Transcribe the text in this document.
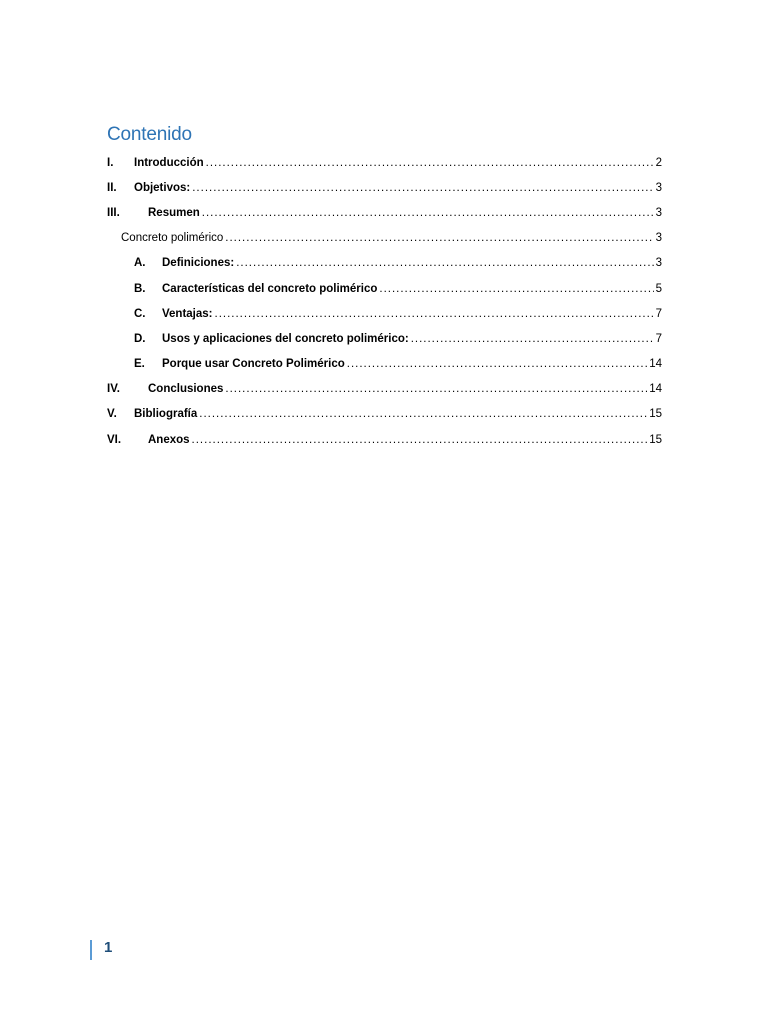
Contenido
I.	Introducción .....	2
II.	Objetivos: .....	3
III.	Resumen .....	3
Concreto polimérico .....	3
A.	Definiciones: .....	3
B.	Características del concreto polimérico .....	5
C.	Ventajas: .....	7
D.	Usos y aplicaciones del concreto polimérico: .....	7
E.	Porque usar Concreto Polimérico .....	14
IV.	Conclusiones .....	14
V.	Bibliografía .....	15
VI.	Anexos .....	15
1
